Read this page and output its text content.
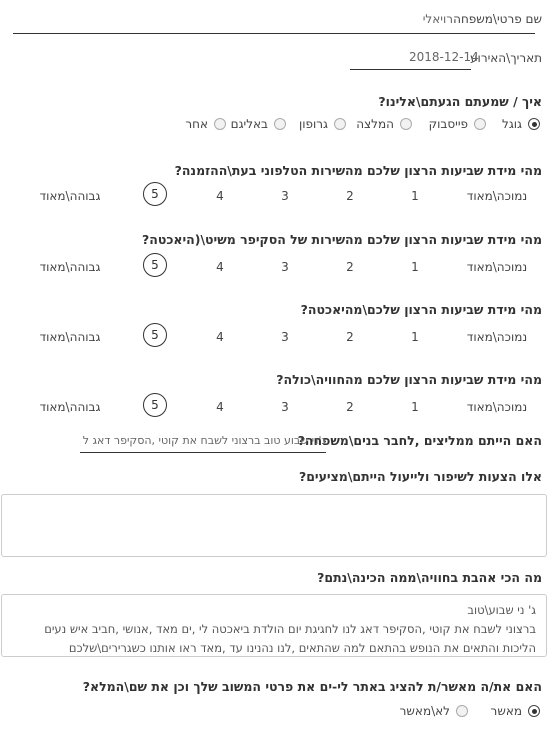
שם פרטי\משפחה
רויאלי
תאריך\האירוע
2018-12-14
איך / שמעתם הגעתם\אלינו?
גוגל
פייסבוק
המלצה
גרופון
באליגם
אחר
מהי מידת שביעות הרצון שלכם מהשירות הטלפוני בעת\ההזמנה?
נמוכה\מאוד
1
2
3
4
5
גבוהה\מאוד
מהי מידת שביעות הרצון שלכם מהשירות של הסקיפר משיט\(היאכטה?
נמוכה\מאוד
1
2
3
4
5
גבוהה\מאוד
מהי מידת שביעות הרצון שלכם\מהיאכטה?
נמוכה\מאוד
1
2
3
4
5
גבוהה\מאוד
מהי מידת שביעות הרצון שלכם מהחוויה\כולה?
נמוכה\מאוד
1
2
3
4
5
גבוהה\מאוד
האם הייתם ממליצים ,לחבר בנים\משפחה?
ג'ני שבוע טוב ברצוני לשבח את קוטי ,הסקיפר דאג ל
אלו הצעות לשיפור ולייעול הייתם\מציעים?
מה הכי אהבת בחוויה\ממה הכינה\נתם?
ג' ני שבוע\טוב
ברצוני לשבח את קוטי ,הסקיפר דאג לנו לחגיגת יום הולדת ביאכטה לי ,ים מאד ,אנושי ,חביב איש נעים
הליכות והתאים את הנופש בהתאם למה שהתאים ,לנו נהנינו עד ,מאד ראו אותנו כשגרירים\שלכם
האם את/ה מאשר/ת להציג באתר לי-ים את פרטי המשוב שלך וכן את שם\המלא?
מאשר
לא\מאשר
